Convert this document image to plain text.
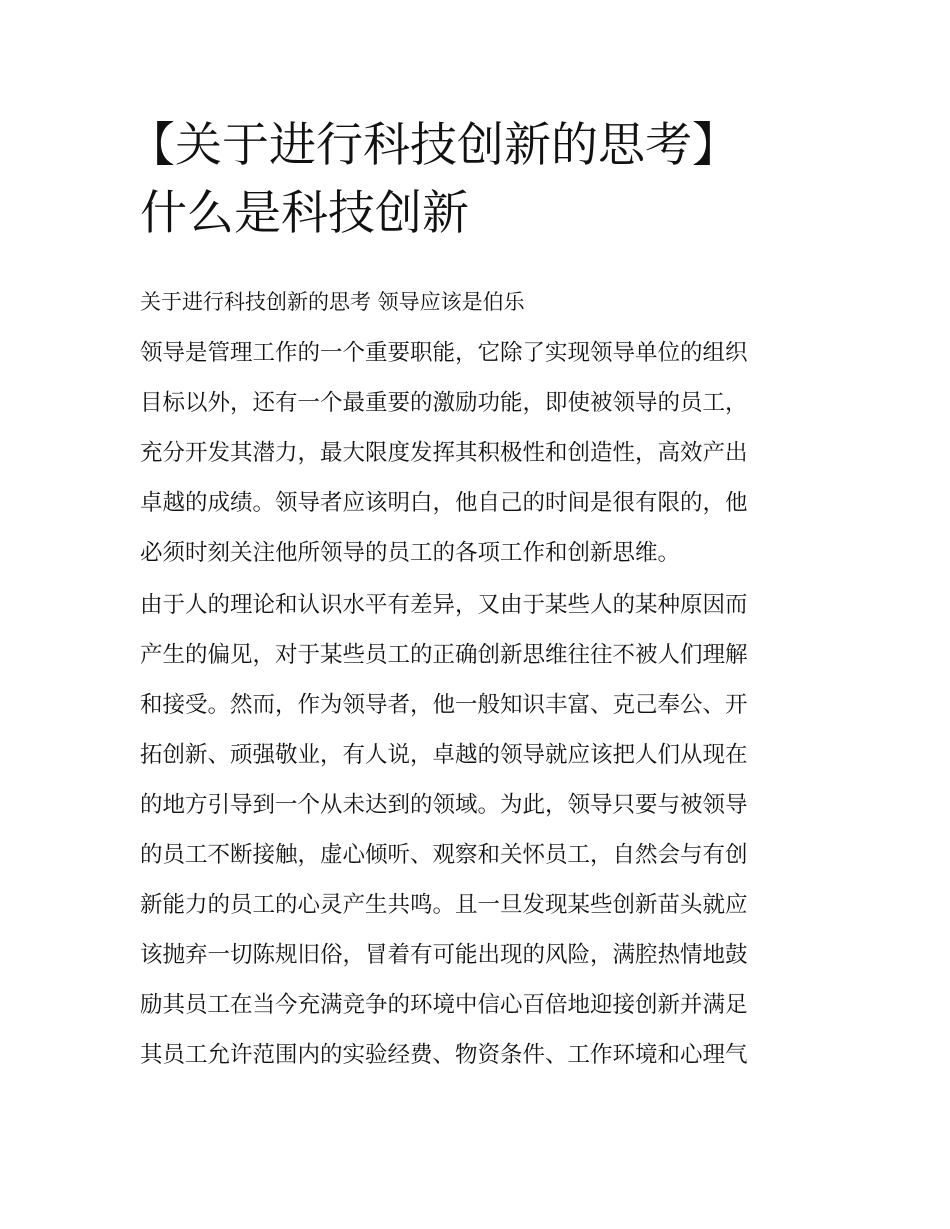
【关于进行科技创新的思考】
什么是科技创新

关于进行科技创新的思考 领导应该是伯乐

领导是管理工作的一个重要职能，它除了实现领导单位的组织
目标以外，还有一个最重要的激励功能，即使被领导的员工，
充分开发其潜力，最大限度发挥其积极性和创造性，高效产出
卓越的成绩。领导者应该明白，他自己的时间是很有限的，他
必须时刻关注他所领导的员工的各项工作和创新思维。

由于人的理论和认识水平有差异，又由于某些人的某种原因而
产生的偏见，对于某些员工的正确创新思维往往不被人们理解
和接受。然而，作为领导者，他一般知识丰富、克己奉公、开
拓创新、顽强敬业，有人说，卓越的领导就应该把人们从现在
的地方引导到一个从未达到的领域。为此，领导只要与被领导
的员工不断接触，虚心倾听、观察和关怀员工，自然会与有创
新能力的员工的心灵产生共鸣。且一旦发现某些创新苗头就应
该抛弃一切陈规旧俗，冒着有可能出现的风险，满腔热情地鼓
励其员工在当今充满竞争的环境中信心百倍地迎接创新并满足
其员工允许范围内的实验经费、物资条件、工作环境和心理气
